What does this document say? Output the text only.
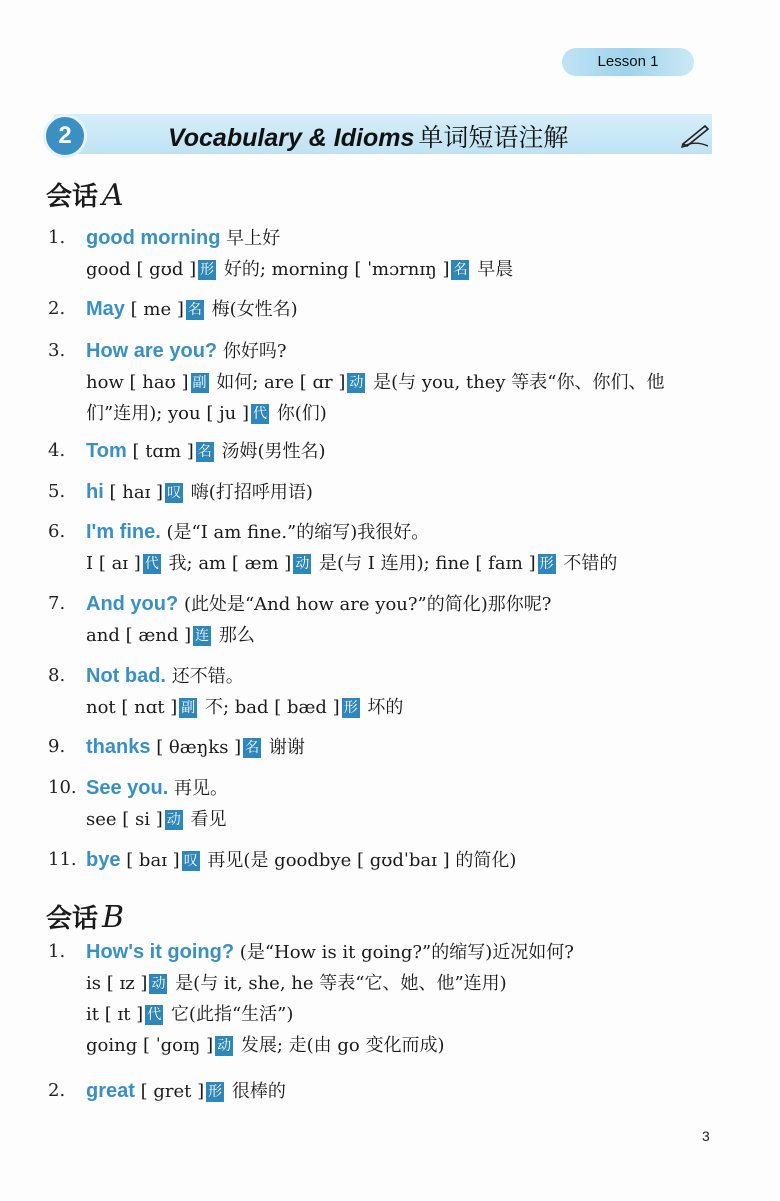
Lesson 1
2	Vocabulary & Idioms 单词短语注解
会话 A
会话 B
1. good morning 早上好
good [ gʊd ] 形 好的; morning [ ˈmɔrnɪŋ ] 名 早晨
2. May [ me ] 名 梅(女性名)
3. How are you? 你好吗?
how [ haʊ ] 副 如何; are [ ɑr ] 动 是(与 you, they 等表“你、你们、他
们”连用); you [ ju ] 代 你(们)
4. Tom [ tɑm ] 名 汤姆(男性名)
5. hi [ haɪ ] 叹 嗨(打招呼用语)
6. I'm fine. (是“I am fine.”的缩写)我很好。
I [ aɪ ] 代 我; am [ æm ] 动 是(与 I 连用); fine [ faɪn ] 形 不错的
7. And you? (此处是“And how are you?”的简化)那你呢?
and [ ænd ] 连 那么
8. Not bad. 还不错。
not [ nɑt ] 副 不; bad [ bæd ] 形 坏的
9. thanks [ θæŋks ] 名 谢谢
10. See you. 再见。
see [ si ] 动 看见
11. bye [ baɪ ] 叹 再见(是 goodbye [ gʊdˈbaɪ ] 的简化)
1. How's it going? (是“How is it going?”的缩写)近况如何?
is [ ɪz ] 动 是(与 it, she, he 等表“它、她、他”连用)
it [ ɪt ] 代 它(此指“生活”)
going [ ˈgoɪŋ ] 动 发展; 走(由 go 变化而成)
2. great [ gret ] 形 很棒的
3
